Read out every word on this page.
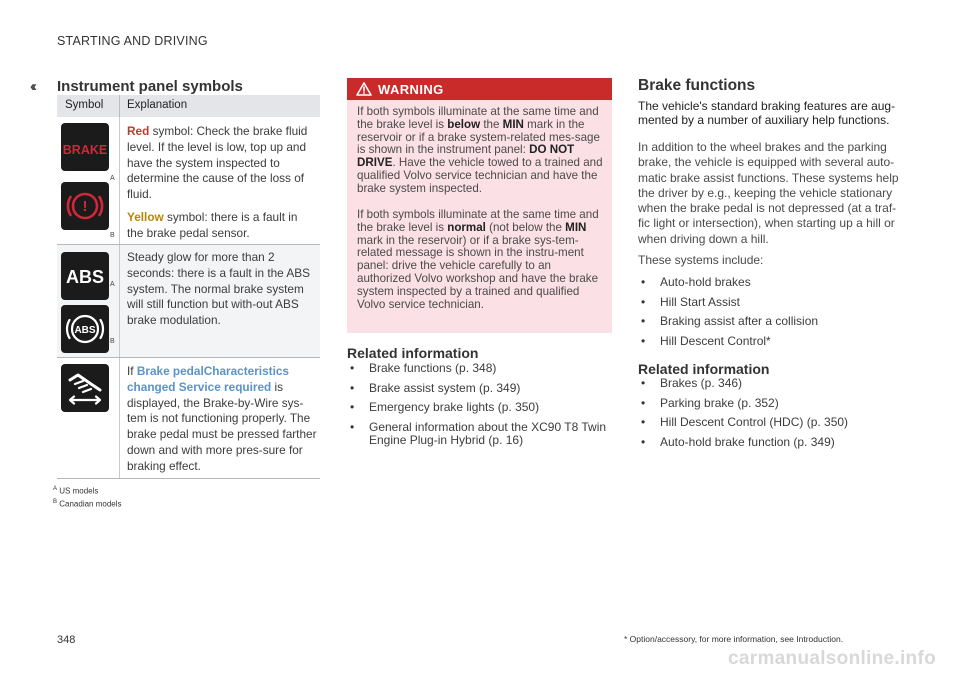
STARTING AND DRIVING
‹‹ Instrument panel symbols
Symbol Explanation
BRAKE
A
!
B

Red symbol: Check the brake fluid level. If the level is low, top up and have the system inspected to determine the cause of the loss of fluid.

Yellow symbol: there is a fault in the brake pedal sensor.

ABS A
ABS
B
Steady glow for more than 2 seconds: there is a fault in the ABS system. The normal brake system will still function but with-out ABS brake modulation.
If Brake pedalCharacteristics changed Service required is displayed, the Brake-by-Wire sys-tem is not functioning properly. The brake pedal must be pressed farther down and with more pres-sure for braking effect.
$^A$ US models
$^B$ Canadian models
WARNING
If both symbols illuminate at the same time and the brake level is below the MIN mark in the reservoir or if a brake system-related mes-sage is shown in the instrument panel: DO NOT DRIVE. Have the vehicle towed to a trained and qualified Volvo service technician and have the brake system inspected.
If both symbols illuminate at the same time and the brake level is normal (not below the MIN mark in the reservoir) or if a brake sys-tem-related message is shown in the instru-ment panel: drive the vehicle carefully to an authorized Volvo workshop and have the brake system inspected by a trained and qualified Volvo service technician.
Related information
• Brake functions (p. 348)
• Brake assist system (p. 349)
• Emergency brake lights (p. 350)
• General information about the XC90 T8 Twin Engine Plug-in Hybrid (p. 16)
Brake functions
The vehicle's standard braking features are aug-mented by a number of auxiliary help functions.
In addition to the wheel brakes and the parking brake, the vehicle is equipped with several auto-matic brake assist functions. These systems help the driver by e.g., keeping the vehicle stationary when the brake pedal is not depressed (at a traf-fic light or intersection), when starting up a hill or when driving down a hill.
These systems include:
• Auto-hold brakes
• Hill Start Assist
• Braking assist after a collision
• Hill Descent Control*
Related information
• Brakes (p. 346)
• Parking brake (p. 352)
• Hill Descent Control (HDC) (p. 350)
• Auto-hold brake function (p. 349)
348	* Option/accessory, for more information, see Introduction.
carmanualsonline.info
